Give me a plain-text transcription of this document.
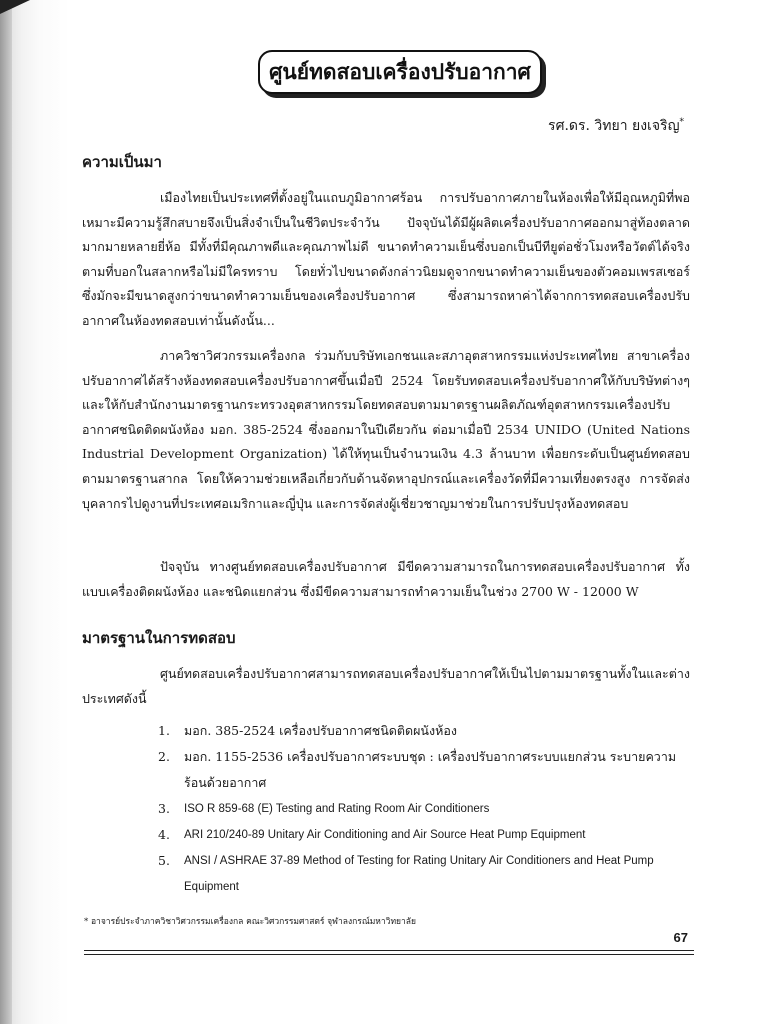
ศูนย์ทดสอบเครื่องปรับอากาศ
รศ.ดร. วิทยา ยงเจริญ*
ความเป็นมา
เมืองไทยเป็นประเทศที่ตั้งอยู่ในแถบภูมิอากาศร้อน การปรับอากาศภายในห้องเพื่อให้มีอุณหภูมิที่พอเหมาะมีความรู้สึกสบายจึงเป็นสิ่งจำเป็นในชีวิตประจำวัน ปัจจุบันได้มีผู้ผลิตเครื่องปรับอากาศออกมาสู่ท้องตลาดมากมายหลายยี่ห้อ มีทั้งที่มีคุณภาพดีและคุณภาพไม่ดี ขนาดทำความเย็นซึ่งบอกเป็นบีทียูต่อชั่วโมงหรือวัตต์ได้จริงตามที่บอกในสลากหรือไม่มีใครทราบ โดยทั่วไปขนาดดังกล่าวนิยมดูจากขนาดทำความเย็นของตัวคอมเพรสเซอร์ ซึ่งมักจะมีขนาดสูงกว่าขนาดทำความเย็นของเครื่องปรับอากาศ ซึ่งสามารถหาค่าได้จากการทดสอบเครื่องปรับอากาศในห้องทดสอบเท่านั้นดังนั้น...
ภาควิชาวิศวกรรมเครื่องกล ร่วมกับบริษัทเอกชนและสภาอุตสาหกรรมแห่งประเทศไทย สาขาเครื่องปรับอากาศได้สร้างห้องทดสอบเครื่องปรับอากาศขึ้นเมื่อปี 2524 โดยรับทดสอบเครื่องปรับอากาศให้กับบริษัทต่างๆ และให้กับสำนักงานมาตรฐานกระทรวงอุตสาหกรรมโดยทดสอบตามมาตรฐานผลิตภัณฑ์อุตสาหกรรมเครื่องปรับอากาศชนิดติดผนังห้อง มอก. 385-2524 ซึ่งออกมาในปีเดียวกัน ต่อมาเมื่อปี 2534 UNIDO (United Nations Industrial Development Organization) ได้ให้ทุนเป็นจำนวนเงิน 4.3 ล้านบาท เพื่อยกระดับเป็นศูนย์ทดสอบตามมาตรฐานสากล โดยให้ความช่วยเหลือเกี่ยวกับด้านจัดหาอุปกรณ์และเครื่องวัดที่มีความเที่ยงตรงสูง การจัดส่งบุคลากรไปดูงานที่ประเทศอเมริกาและญี่ปุ่น และการจัดส่งผู้เชี่ยวชาญมาช่วยในการปรับปรุงห้องทดสอบ
ปัจจุบัน ทางศูนย์ทดสอบเครื่องปรับอากาศ มีขีดความสามารถในการทดสอบเครื่องปรับอากาศ ทั้งแบบเครื่องติดผนังห้อง และชนิดแยกส่วน ซึ่งมีขีดความสามารถทำความเย็นในช่วง 2700 W - 12000 W
มาตรฐานในการทดสอบ
ศูนย์ทดสอบเครื่องปรับอากาศสามารถทดสอบเครื่องปรับอากาศให้เป็นไปตามมาตรฐานทั้งในและต่างประเทศดังนี้
1.	มอก. 385-2524 เครื่องปรับอากาศชนิดติดผนังห้อง
2.	มอก. 1155-2536 เครื่องปรับอากาศระบบชุด : เครื่องปรับอากาศระบบแยกส่วน ระบายความร้อนด้วยอากาศ
3.	ISO R 859-68 (E) Testing and Rating Room Air Conditioners
4.	ARI 210/240-89 Unitary Air Conditioning and Air Source Heat Pump Equipment
5.	ANSI / ASHRAE 37-89 Method of Testing for Rating Unitary Air Conditioners and Heat Pump Equipment
* อาจารย์ประจำภาควิชาวิศวกรรมเครื่องกล คณะวิศวกรรมศาสตร์ จุฬาลงกรณ์มหาวิทยาลัย
67
